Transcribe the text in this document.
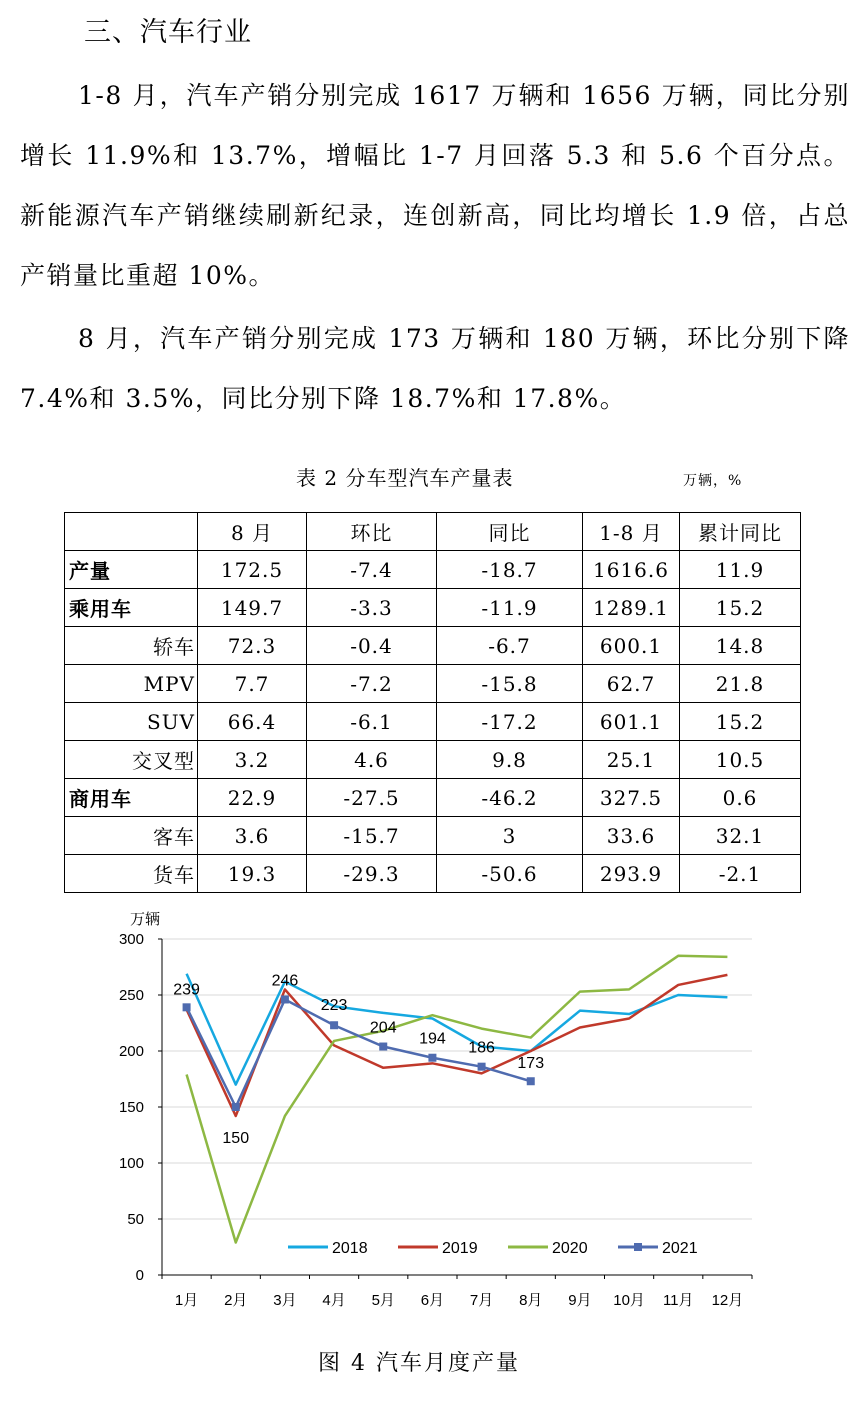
三、汽车行业
1-8 月，汽车产销分别完成 1617 万辆和 1656 万辆，同比分别增长 11.9%和 13.7%，增幅比 1-7 月回落 5.3 和 5.6 个百分点。新能源汽车产销继续刷新纪录，连创新高，同比均增长 1.9 倍，占总产销量比重超 10%。
8 月，汽车产销分别完成 173 万辆和 180 万辆，环比分别下降 7.4%和 3.5%，同比分别下降 18.7%和 17.8%。
表 2 分车型汽车产量表	万辆，%
	8 月	环比	同比	1-8 月	累计同比
产量	172.5	-7.4	-18.7	1616.6	11.9
乘用车	149.7	-3.3	-11.9	1289.1	15.2
轿车	72.3	-0.4	-6.7	600.1	14.8
MPV	7.7	-7.2	-15.8	62.7	21.8
SUV	66.4	-6.1	-17.2	601.1	15.2
交叉型	3.2	4.6	9.8	25.1	10.5
商用车	22.9	-27.5	-46.2	327.5	0.6
客车	3.6	-15.7	3	33.6	32.1
货车	19.3	-29.3	-50.6	293.9	-2.1
0
50
100
150
200
250
300
万辆
1月 2月 3月 4月 5月 6月 7月 8月 9月 10月 11月 12月
239
150
246
223
204
194
186
173
2018	2019	2020	2021
图 4 汽车月度产量
